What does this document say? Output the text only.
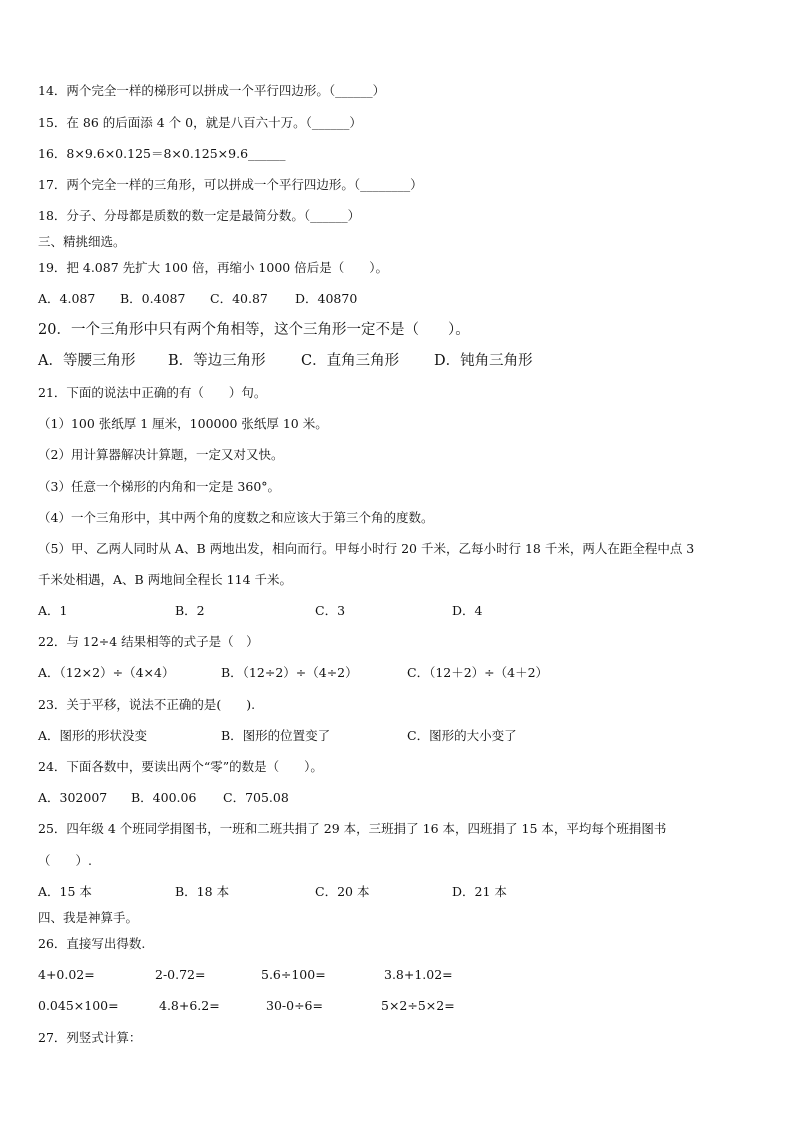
14．两个完全一样的梯形可以拼成一个平行四边形。（______）
15．在 86 的后面添 4 个 0，就是八百六十万。（______）
16．8×9.6×0.125＝8×0.125×9.6______
17．两个完全一样的三角形，可以拼成一个平行四边形。（________）
18．分子、分母都是质数的数一定是最简分数。（______）
三、精挑细选。
19．把 4.087 先扩大 100 倍，再缩小 1000 倍后是（　　）。
A．4.087 B．0.4087 C．40.87 D．40870
20．一个三角形中只有两个角相等，这个三角形一定不是（　　）。
A．等腰三角形 B．等边三角形 C．直角三角形 D．钝角三角形
21．下面的说法中正确的有（　　）句。
（1）100 张纸厚 1 厘米，100000 张纸厚 10 米。
（2）用计算器解决计算题，一定又对又快。
（3）任意一个梯形的内角和一定是 360°。
（4）一个三角形中，其中两个角的度数之和应该大于第三个角的度数。
（5）甲、乙两人同时从 A、B 两地出发，相向而行。甲每小时行 20 千米，乙每小时行 18 千米，两人在距全程中点 3
千米处相遇，A、B 两地间全程长 114 千米。
A．1	B．2	C．3	D．4
22．与 12÷4 结果相等的式子是（　）
A．（12×2）÷（4×4）	B．（12÷2）÷（4÷2）	C．（12＋2）÷（4＋2）
23．关于平移，说法不正确的是(　　).
A．图形的形状没变	B．图形的位置变了	C．图形的大小变了
24．下面各数中，要读出两个“零”的数是（　　）。
A．302007 B．400.06 C．705.08
25．四年级 4 个班同学捐图书，一班和二班共捐了 29 本，三班捐了 16 本，四班捐了 15 本，平均每个班捐图书
（　　）.
A．15 本	B．18 本	C．20 本	D．21 本
四、我是神算手。
26．直接写出得数.
4+0.02=	2-0.72=	5.6÷100=	3.8+1.02=
0.045×100=	4.8+6.2=	30-0÷6=	5×2÷5×2=
27．列竖式计算：
